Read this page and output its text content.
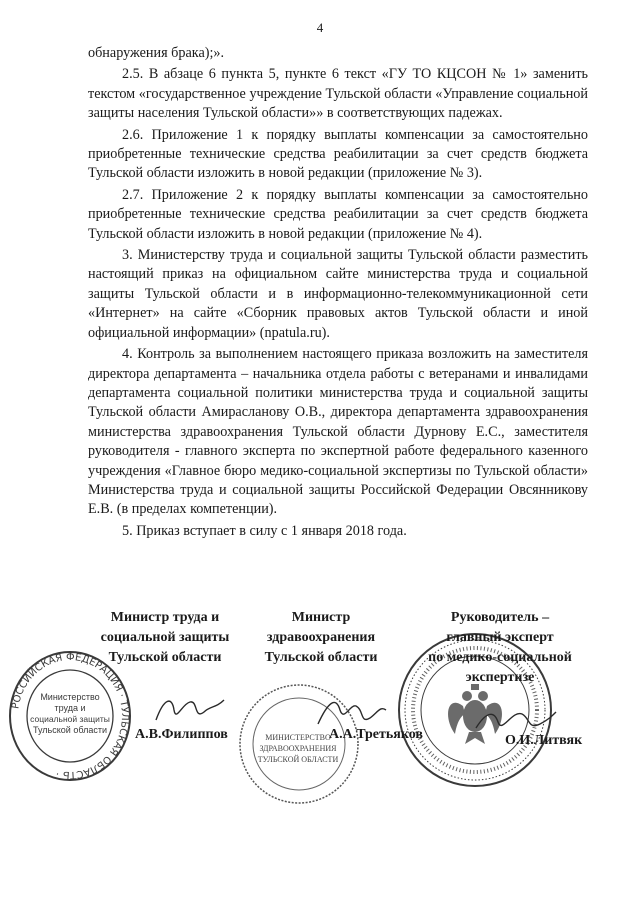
4

обнаружения брака);».

2.5. В абзаце 6 пункта 5, пункте 6 текст «ГУ ТО КЦСОН № 1» заменить текстом «государственное учреждение Тульской области «Управление социальной защиты населения Тульской области»» в соответствующих падежах.

2.6. Приложение 1 к порядку выплаты компенсации за самостоятельно приобретенные технические средства реабилитации за счет средств бюджета Тульской области изложить в новой редакции (приложение № 3).

2.7. Приложение 2 к порядку выплаты компенсации за самостоятельно приобретенные технические средства реабилитации за счет средств бюджета Тульской области изложить в новой редакции (приложение № 4).

3. Министерству труда и социальной защиты Тульской области разместить настоящий приказ на официальном сайте министерства труда и социальной защиты Тульской области и в информационно-телекоммуникационной сети «Интернет» на сайте «Сборник правовых актов Тульской области и иной официальной информации» (npatula.ru).

4. Контроль за выполнением настоящего приказа возложить на заместителя директора департамента – начальника отдела работы с ветеранами и инвалидами департамента социальной политики министерства труда и социальной защиты Тульской области Амирасланову О.В., директора департамента здравоохранения министерства здравоохранения Тульской области Дурнову Е.С., заместителя руководителя - главного эксперта по экспертной работе федерального казенного учреждения «Главное бюро медико-социальной экспертизы по Тульской области» Министерства труда и социальной защиты Российской Федерации Овсянникову Е.В. (в пределах компетенции).

5. Приказ вступает в силу с 1 января 2018 года.

РОССИЙСКАЯ ФЕДЕРАЦИЯ · ТУЛЬСКАЯ ОБЛАСТЬ ·
Министерство
труда и
социальной защиты
Тульской области
МИНИСТЕРСТВО
ЗДРАВООХРАНЕНИЯ
ТУЛЬСКОЙ ОБЛАСТИ
Министр труда и
социальной защиты
Тульской области
Министр
здравоохранения
Тульской области
Руководитель –
главный эксперт
по медико-социальной
экспертизе
А.В.Филиппов	А.А.Третьяков	О.И.Литвяк
